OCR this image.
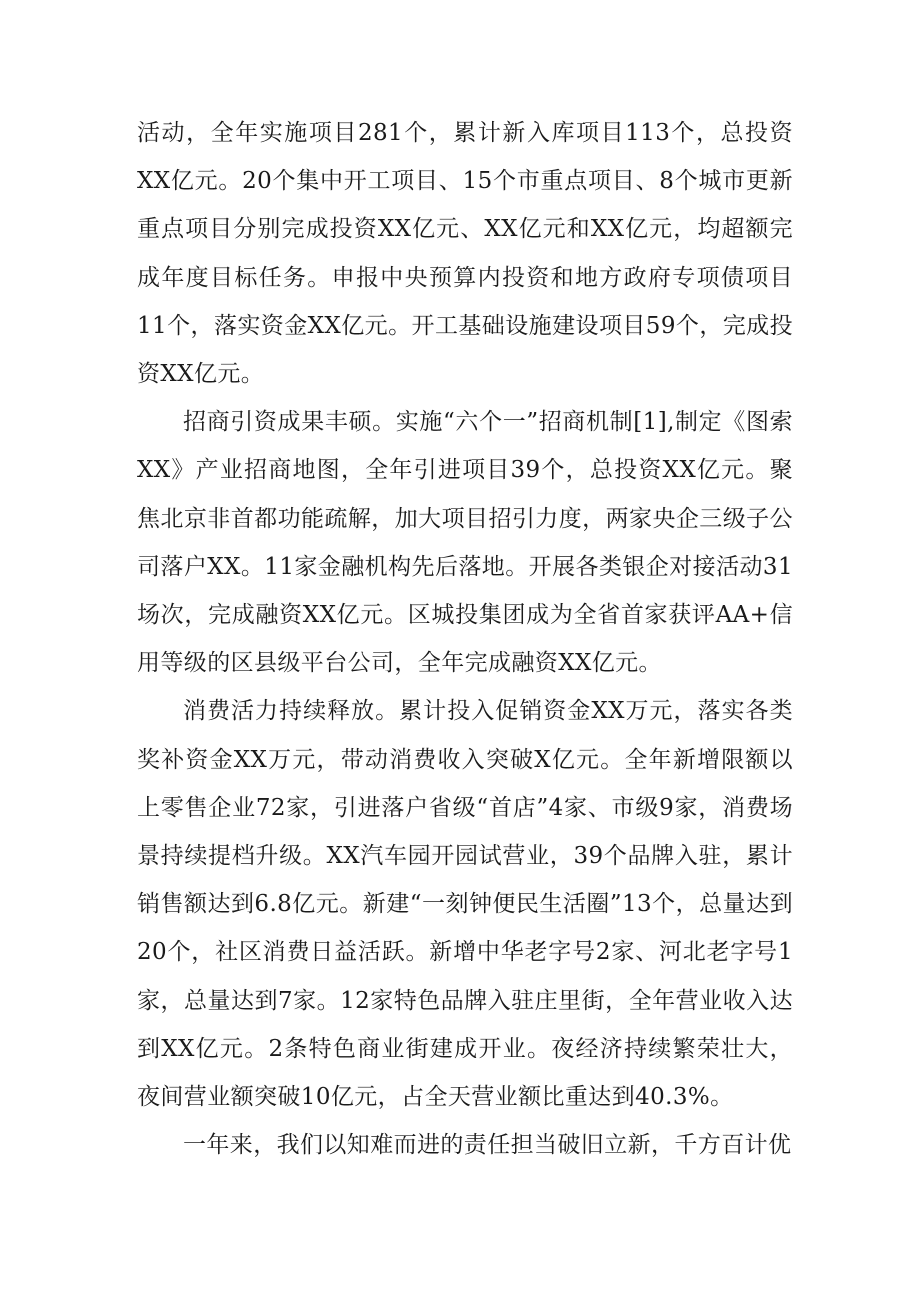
活动，全年实施项目281个，累计新入库项目113个，总投资XX亿元。20个集中开工项目、15个市重点项目、8个城市更新重点项目分别完成投资XX亿元、XX亿元和XX亿元，均超额完成年度目标任务。申报中央预算内投资和地方政府专项债项目11个，落实资金XX亿元。开工基础设施建设项目59个，完成投资XX亿元。

招商引资成果丰硕。实施“六个一”招商机制[1],制定《图索XX》产业招商地图，全年引进项目39个，总投资XX亿元。聚焦北京非首都功能疏解，加大项目招引力度，两家央企三级子公司落户XX。11家金融机构先后落地。开展各类银企对接活动31场次，完成融资XX亿元。区城投集团成为全省首家获评AA+信用等级的区县级平台公司，全年完成融资XX亿元。

消费活力持续释放。累计投入促销资金XX万元，落实各类奖补资金XX万元，带动消费收入突破X亿元。全年新增限额以上零售企业72家，引进落户省级“首店”4家、市级9家，消费场景持续提档升级。XX汽车园开园试营业，39个品牌入驻，累计销售额达到6.8亿元。新建“一刻钟便民生活圈”13个，总量达到20个，社区消费日益活跃。新增中华老字号2家、河北老字号1家，总量达到7家。12家特色品牌入驻庄里街，全年营业收入达到XX亿元。2条特色商业街建成开业。夜经济持续繁荣壮大，夜间营业额突破10亿元，占全天营业额比重达到40.3%。

一年来，我们以知难而进的责任担当破旧立新，千方百计优
